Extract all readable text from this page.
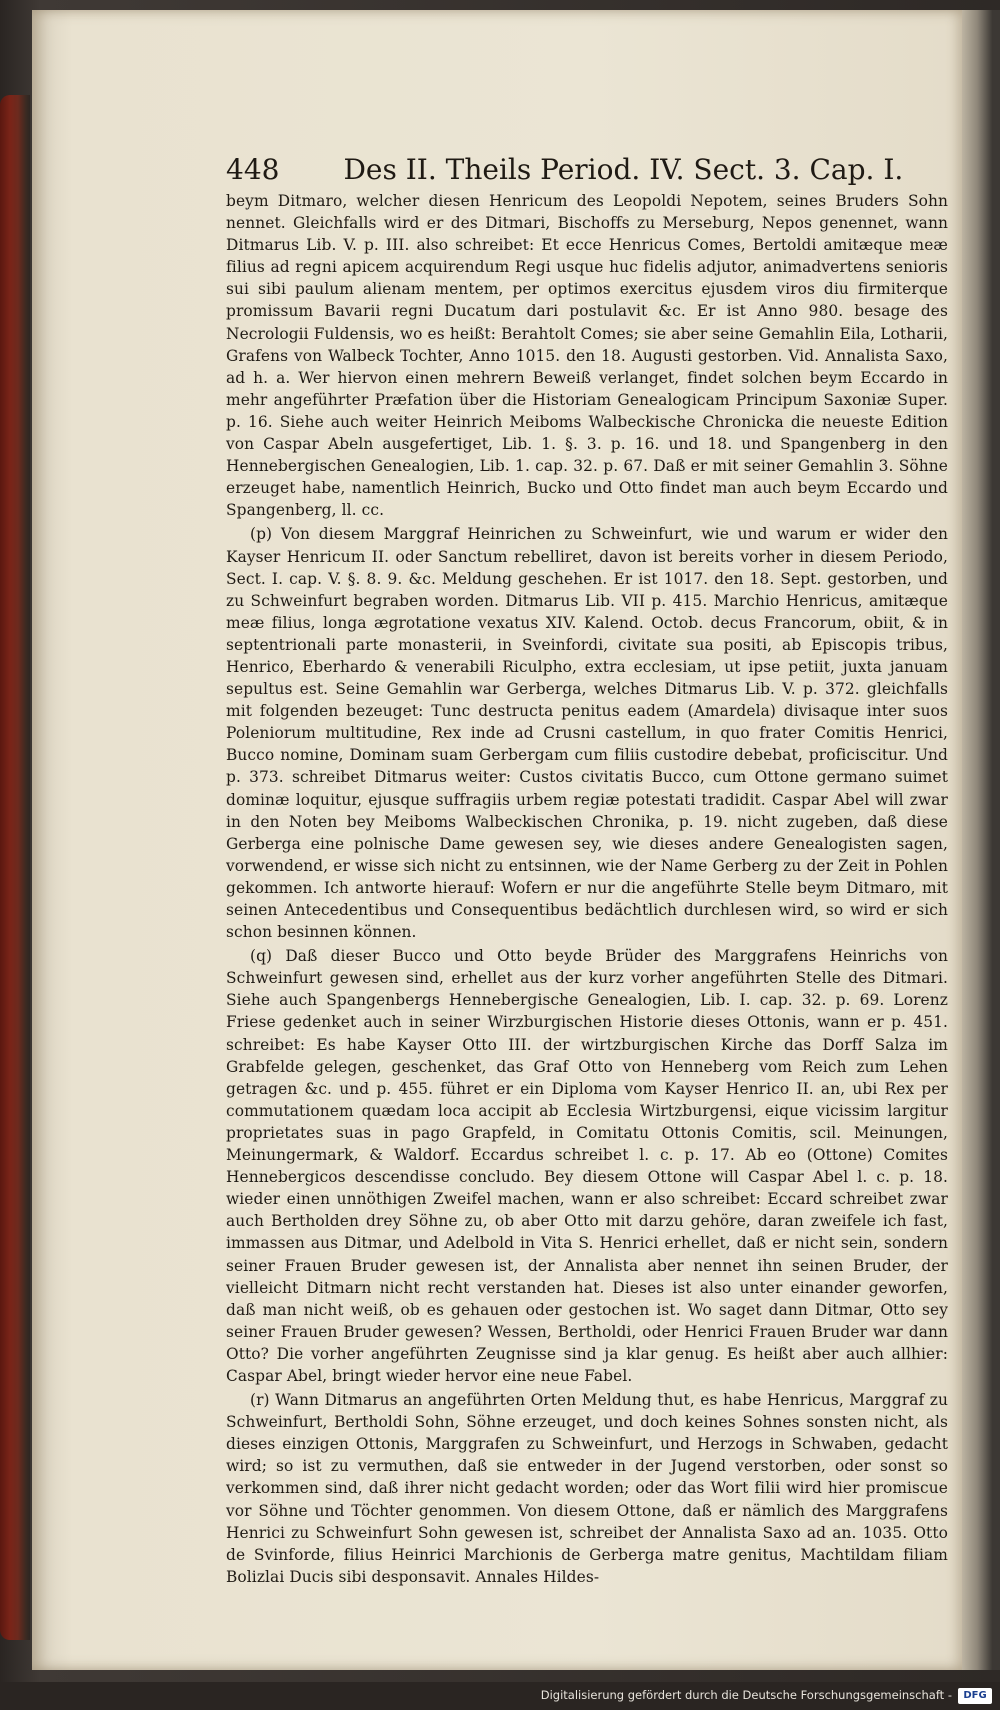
448 Des II. Theils Period. IV. Sect. 3. Cap. I.

beym Ditmaro, welcher diesen Henricum des Leopoldi Nepotem, seines Bruders Sohn nennet. Gleichfalls wird er des Ditmari, Bischoffs zu Merseburg, Nepos genennet, wann Ditmarus Lib. V. p. III. also schreibet: Et ecce Henricus Comes, Bertoldi amitæque meæ filius ad regni apicem acquirendum Regi usque huc fidelis adjutor, animadvertens senioris sui sibi paulum alienam mentem, per optimos exercitus ejusdem viros diu firmiterque promissum Bavarii regni Ducatum dari postulavit &c. Er ist Anno 980. besage des Necrologii Fuldensis, wo es heißt: Berahtolt Comes; sie aber seine Gemahlin Eila, Lotharii, Grafens von Walbeck Tochter, Anno 1015. den 18. Augusti gestorben. Vid. Annalista Saxo, ad h. a. Wer hiervon einen mehrern Beweiß verlanget, findet solchen beym Eccardo in mehr angeführter Præfation über die Historiam Genealogicam Principum Saxoniæ Super. p. 16. Siehe auch weiter Heinrich Meiboms Walbeckische Chronicka die neueste Edition von Caspar Abeln ausgefertiget, Lib. 1. §. 3. p. 16. und 18. und Spangenberg in den Hennebergischen Genealogien, Lib. 1. cap. 32. p. 67. Daß er mit seiner Gemahlin 3. Söhne erzeuget habe, namentlich Heinrich, Bucko und Otto findet man auch beym Eccardo und Spangenberg, ll. cc.

(p) Von diesem Marggraf Heinrichen zu Schweinfurt, wie und warum er wider den Kayser Henricum II. oder Sanctum rebelliret, davon ist bereits vorher in diesem Periodo, Sect. I. cap. V. §. 8. 9. &c. Meldung geschehen. Er ist 1017. den 18. Sept. gestorben, und zu Schweinfurt begraben worden. Ditmarus Lib. VII p. 415. Marchio Henricus, amitæque meæ filius, longa ægrotatione vexatus XIV. Kalend. Octob. decus Francorum, obiit, & in septentrionali parte monasterii, in Sveinfordi, civitate sua positi, ab Episcopis tribus, Henrico, Eberhardo & venerabili Riculpho, extra ecclesiam, ut ipse petiit, juxta januam sepultus est. Seine Gemahlin war Gerberga, welches Ditmarus Lib. V. p. 372. gleichfalls mit folgenden bezeuget: Tunc destructa penitus eadem (Amardela) divisaque inter suos Poleniorum multitudine, Rex inde ad Crusni castellum, in quo frater Comitis Henrici, Bucco nomine, Dominam suam Gerbergam cum filiis custodire debebat, proficiscitur. Und p. 373. schreibet Ditmarus weiter: Custos civitatis Bucco, cum Ottone germano suimet dominæ loquitur, ejusque suffragiis urbem regiæ potestati tradidit. Caspar Abel will zwar in den Noten bey Meiboms Walbeckischen Chronika, p. 19. nicht zugeben, daß diese Gerberga eine polnische Dame gewesen sey, wie dieses andere Genealogisten sagen, vorwendend, er wisse sich nicht zu entsinnen, wie der Name Gerberg zu der Zeit in Pohlen gekommen. Ich antworte hierauf: Wofern er nur die angeführte Stelle beym Ditmaro, mit seinen Antecedentibus und Consequentibus bedächtlich durchlesen wird, so wird er sich schon besinnen können.

(q) Daß dieser Bucco und Otto beyde Brüder des Marggrafens Heinrichs von Schweinfurt gewesen sind, erhellet aus der kurz vorher angeführten Stelle des Ditmari. Siehe auch Spangenbergs Hennebergische Genealogien, Lib. I. cap. 32. p. 69. Lorenz Friese gedenket auch in seiner Wirzburgischen Historie dieses Ottonis, wann er p. 451. schreibet: Es habe Kayser Otto III. der wirtzburgischen Kirche das Dorff Salza im Grabfelde gelegen, geschenket, das Graf Otto von Henneberg vom Reich zum Lehen getragen &c. und p. 455. führet er ein Diploma vom Kayser Henrico II. an, ubi Rex per commutationem quædam loca accipit ab Ecclesia Wirtzburgensi, eique vicissim largitur proprietates suas in pago Grapfeld, in Comitatu Ottonis Comitis, scil. Meinungen, Meinungermark, & Waldorf. Eccardus schreibet l. c. p. 17. Ab eo (Ottone) Comites Hennebergicos descendisse concludo. Bey diesem Ottone will Caspar Abel l. c. p. 18. wieder einen unnöthigen Zweifel machen, wann er also schreibet: Eccard schreibet zwar auch Bertholden drey Söhne zu, ob aber Otto mit darzu gehöre, daran zweifele ich fast, immassen aus Ditmar, und Adelbold in Vita S. Henrici erhellet, daß er nicht sein, sondern seiner Frauen Bruder gewesen ist, der Annalista aber nennet ihn seinen Bruder, der vielleicht Ditmarn nicht recht verstanden hat. Dieses ist also unter einander geworfen, daß man nicht weiß, ob es gehauen oder gestochen ist. Wo saget dann Ditmar, Otto sey seiner Frauen Bruder gewesen? Wessen, Bertholdi, oder Henrici Frauen Bruder war dann Otto? Die vorher angeführten Zeugnisse sind ja klar genug. Es heißt aber auch allhier: Caspar Abel, bringt wieder hervor eine neue Fabel.

(r) Wann Ditmarus an angeführten Orten Meldung thut, es habe Henricus, Marggraf zu Schweinfurt, Bertholdi Sohn, Söhne erzeuget, und doch keines Sohnes sonsten nicht, als dieses einzigen Ottonis, Marggrafen zu Schweinfurt, und Herzogs in Schwaben, gedacht wird; so ist zu vermuthen, daß sie entweder in der Jugend verstorben, oder sonst so verkommen sind, daß ihrer nicht gedacht worden; oder das Wort filii wird hier promiscue vor Söhne und Töchter genommen. Von diesem Ottone, daß er nämlich des Marggrafens Henrici zu Schweinfurt Sohn gewesen ist, schreibet der Annalista Saxo ad an. 1035. Otto de Svinforde, filius Heinrici Marchionis de Gerberga matre genitus, Machtildam filiam Bolizlai Ducis sibi desponsavit. Annales Hildes-

Digitalisierung gefördert durch die Deutsche Forschungsgemeinschaft -	DFG
